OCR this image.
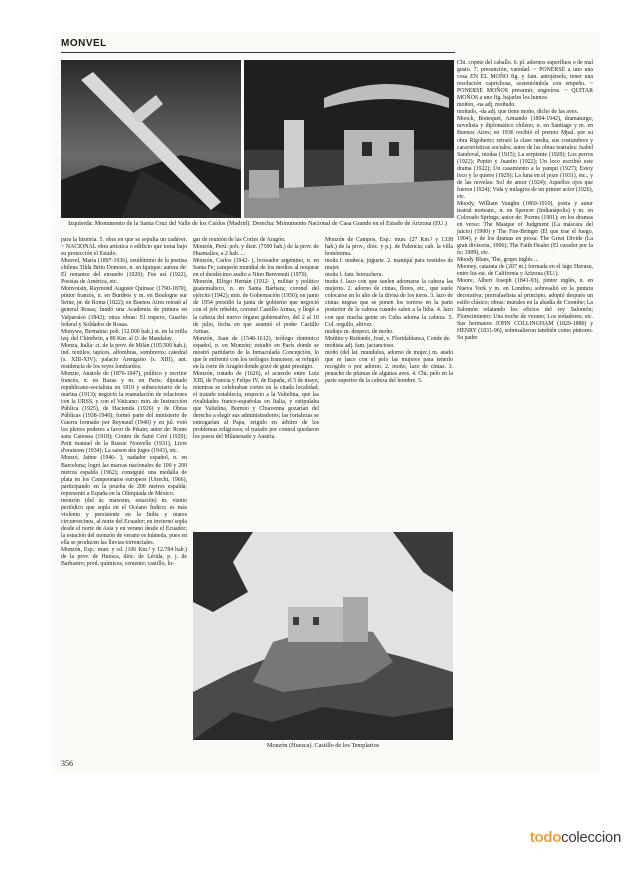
MONVEL
Izquierda: Monumento de la Santa Cruz del Valle de los Caídos (Madrid). Derecha: Monumento Nacional de Casa Grande en el Estado de Arizona (EU.)

para la historia. 5. obra en que se sepulta un cadáver. ~ NACIONAL obra artística o edificio que toma bajo su protección el Estado.

Monvel, María (1897-1936), seudónimo de la poetisa chilena Tilda Brito Domoso, n. en Iquique; autora de: El remanso del ensueño (1920); Fue así (1922), Poesías de América, etc.

Monvoisin, Raymond Auguste Quinsac (1790-1870), pintor francés, n. en Burdeos y m. en Boulogne sur Seine, pr. de Roma (1822); en Buenos Aires retrató al general Rosas; fundó una Academia de pintura en Valparaíso (1842); otras obras: El trapero, Guacho federal y Soldados de Rosas.

Monywa, Birmania: pob. (12.000 hab.) st. en la orilla izq. del Chindwin, a 89 Km. al O. de Mandalay.

Monza, Italia: ct. de la prov. de Milán (105.500 hab.); ind. textiles; tapices, alfombras, sombreros; catedral (s. XIII-XIV); palacio Arengario (s. XIII), ant. residencia de los reyes lombardos.

Monzie, Anatole de (1876-1947), político y escritor francés, n. en Bazas y m. en París; diputado republicano-socialista en 1910 y subsecretario de la marina (1913); negoció la reanudación de relaciones con la URSS, y con el Vaticano; min. de Instrucción Pública (1925), de Hacienda (1926) y de Obras Públicas (1938-1940); formó parte del ministerio de Guerra formado por Reynaud (1940) y en jul. votó los plenos poderes a favor de Pétain; autor de: Rome sans Canossa (1918); Contes de Saint Céré (1929); Petit manuel de la Russie Nouvelle (1931), Livre d'oraisons (1934); La saison des juges (1943), etc.

Monzó, Jaime (1946- ), nadador español, n. en Barcelona; logró las marcas nacionales de 100 y 200 metros espalda (1962); consiguió una medalla de plata en los Campeonatos europeos (Utrecht, 1966), participando en la prueba de 200 metros espalda; representó a España en la Olimpiada de México.

monzón (del ár. mawsim, estación) m. viento periódico que sopla en el Océano Índico; es más violento y persistente en la India y mares circunvecinos, al norte del Ecuador; en invierno sopla desde el norte de Asia y en verano desde el Ecuador; la estación del monzón de verano es húmeda, pues en ella se producen las lluvias torrenciales.

Monzón, Esp.: mun. y cd. (106 Km.² y 12.784 hab.) de la prov. de Huesca, dióc. de Lérida, p. j. de Barbastro; prod. químicos, cemento; castillo, lu-

gar de reunión de las Cortes de Aragón.

Monzón, Perú: pob. y distr. (7500 hab.) de la prov. de Huamalíes, a 2 hab. ...

Monzón, Carlos (1942- ), boxeador argentino, n. en Santa Fe; campeón mundial de los medios al noquear en el duodécimo asalto a Nino Benvenuti (1970).

Monzón, Elfego Hernán (1912- ), militar y político guatemalteco, n. en Santa Bárbara; coronel del ejército (1942); min. de Gobernación (1950); en junio de 1954 presidió la junta de gobierno que negoció con el jefe rebelde, coronel Castillo Armas, y llegó a la cabeza del nuevo órgano gubernativo, del 2 al 10 de julio, fecha en que asumió el poder Castillo Armas.

Monzón, Juan de (1548-1612), teólogo dominico español, n. en Monzón; estudió en París donde se mostró partidario de la Inmaculada Concepción, lo que le enfrentó con los teólogos franceses; se refugió en la corte de Aragón donde gozó de gran prestigio.

Monzón, tratado de (1626), el acuerdo entre Luis XIII, de Francia y Felipe IV, de España, el 5 de mayo, mientras se celebraban cortes en la citada localidad; el tratado establecía, respecto a la Valtelina, que las rivalidades franco-españolas en Italia, y estipulaba que Valtelina, Bormio y Chiavenna gozarían del derecho a elegir sus administradores; las fortalezas se entregarían al Papa, erigido en árbitro de los problemas religiosos; el tratado por control quedaron los pasos del Milanesado y Austria.

Monzón de Campos, Esp.: mun. (27 Km.² y 1338 hab.) de la prov., dióc. y p.j. de Palencia; cab. la villa homónima.

moña f. muñeca, juguete. 2. maniquí para vestidos de mujer.

moña f. fam. borrachera.

moña f. lazo con que suelen adornarse la cabeza las mujeres. 2. adorno de cintas, flores, etc., que suele colocarse en lo alto de la divisa de los toros. 3. lazo de cintas negras que se ponen los toreros en la parte posterior de la cabeza cuando salen a la lidia. 4. lazo con que mucha gente en Cuba adorna la cabeza. 5. Col. orgullo, altivez.

moñajo m. despect. de moño.

Moñino y Redondo, José, v. Floridablanca, Conde de.

moñista adj. fam. jactancioso.

moño (del lat. mundulus, adorno de mujer.) m. atado que se hace con el pelo las mujeres para tenerlo recogido o por adorno. 2. moño, lazo de cintas. 3. penacho de plumas de algunas aves. 4. Chi. pelo en la parte superior de la cabeza del hombre. 5.

Monzón (Huesca). Castillo de los Templarios

Chi. copete del caballo. 6. pl. adornos superfluos o de mal gusto. 7. presunción, vanidad. ~ PONERSE a uno una cosa EN EL MOÑO fig. y fam. antojársele, tener una resolución caprichosa, sostenióndola con empeño. ~ PONERSE MOÑOS presumir, engreírse. ~ QUITAR MOÑOS a uno fig. bajarles los humos.

moñón, -na adj. moñudo.

moñudo, -da adj. que tiene moño, dicho de las aves.

Moock, Bonequet, Armando (1894-1942), dramaturgo, novelista y diplomático chileno, n. en Santiago y m. en Buenos Aires; en 1936 recibió el premio Mpal. por su obra Rigoberto; retrató la clase media, sus costumbres y características sociales; autor de las obras teatrales: Isabel Sandoval, modas (1915); La serpiente (1920); Los perros (1922); Pepito y Juanito (1922); Un loco escribió este drama (1922); Un casamiento a la yanqui (1927); Estoy loco y lo quiero (1929); La luna en el pozo (1931), etc., y de las novelas: Sol de amor (1924); Aquellos ojos que fueron (1924); Vida y milagros de un primer actor (1926), etc.

Moody, William Vaughn (1869-1910), poeta y autor teatral norteam., n. en Spencer (Indianápolis) y m. en Colorado Springs; autor de: Poems (1901); en los dramas en verso: The Masque of Judgment (La máscara del juicio) (1900) y The Fire-Bringer (El que trae el fuego, 1904), y de los dramas en prosa: The Great Divide (La gran divisoria, 1906); The Faith Healer (El curador por la fe; 1909), etc.

Moody Blues, The, grupo inglés ...

Mooney, catarata de (207 m.) formada en el lago Havasu, entre los est. de California y Arizona (EU.).

Moore, Albert Joseph (1841-93), pintor inglés, n. en Nueva York y m. en Londres; sobresalió en la pintura decorativa; prerrafaelista al principio, adoptó después un estilo clásico; obras: murales en la abadía de Coombe; La Salomón relatando los oficios del rey Salomón; Florecimiento: Una noche de verano; Los soñadores; etc. Sus hermanos JOHN COLLINGHAM (1829-1880) y HENRY (1831-96), sobresalieron también como pintores. Su padre

356
todocoleccion
